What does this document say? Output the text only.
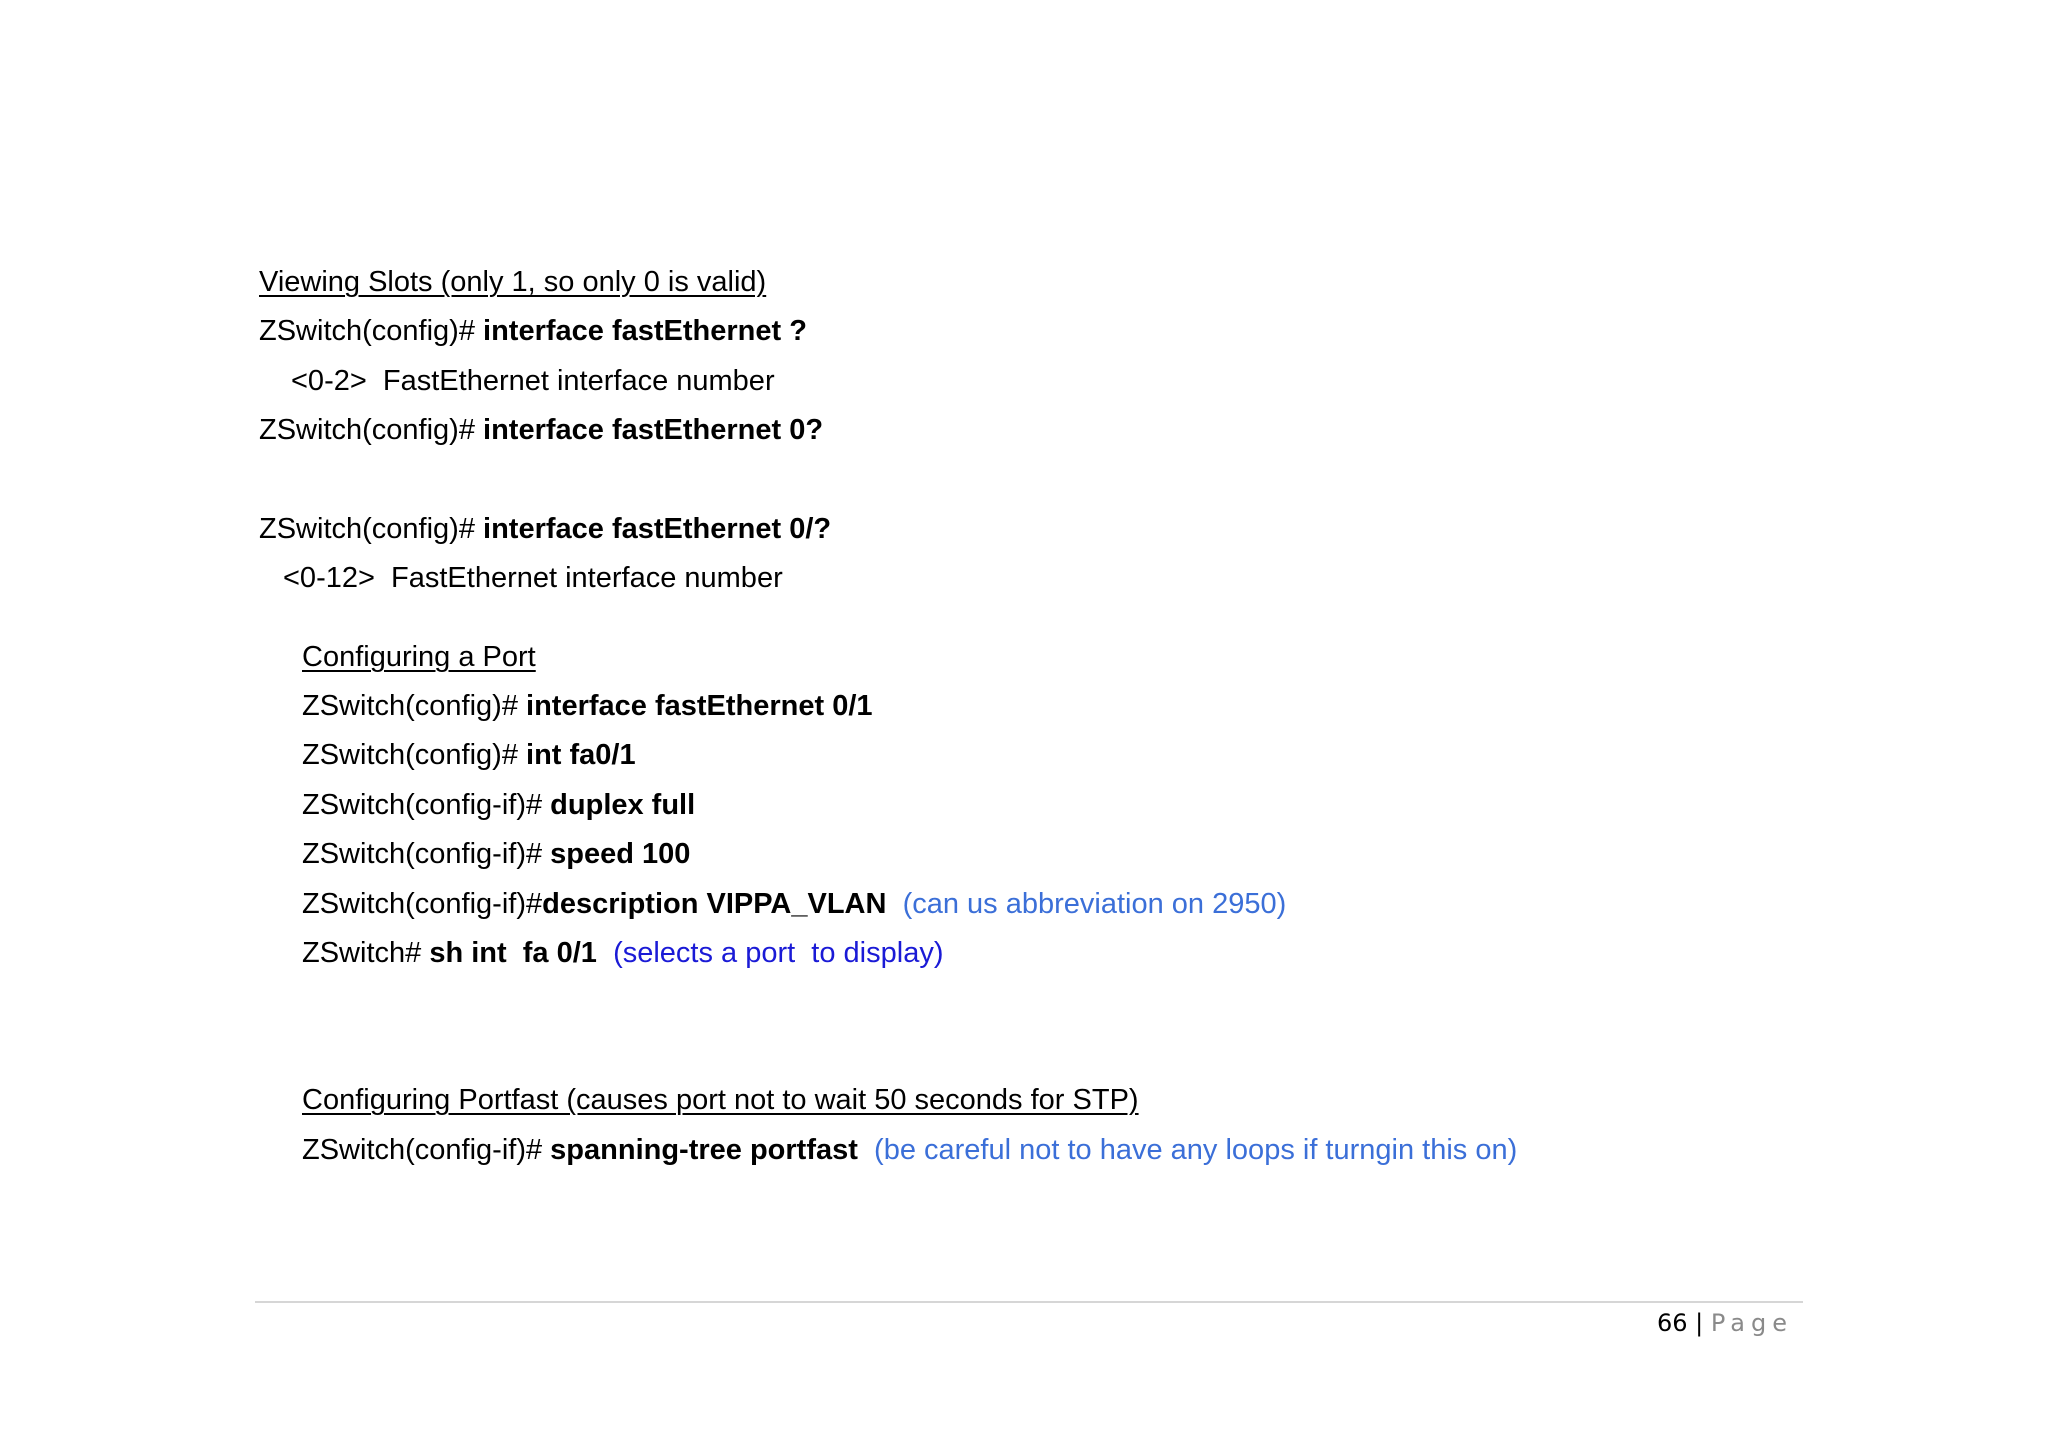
Viewing Slots (only 1, so only 0 is valid)
ZSwitch(config)# interface fastEthernet ?
<0-2>  FastEthernet interface number
ZSwitch(config)# interface fastEthernet 0?
ZSwitch(config)# interface fastEthernet 0/?
<0-12>  FastEthernet interface number
Configuring a Port
ZSwitch(config)# interface fastEthernet 0/1
ZSwitch(config)# int fa0/1
ZSwitch(config-if)# duplex full
ZSwitch(config-if)# speed 100
ZSwitch(config-if)#description VIPPA_VLAN (can us abbreviation on 2950)
ZSwitch# sh int  fa 0/1 (selects a port  to display)
Configuring Portfast (causes port not to wait 50 seconds for STP)
ZSwitch(config-if)# spanning-tree portfast (be careful not to have any loops if turngin this on)
66 | Page
